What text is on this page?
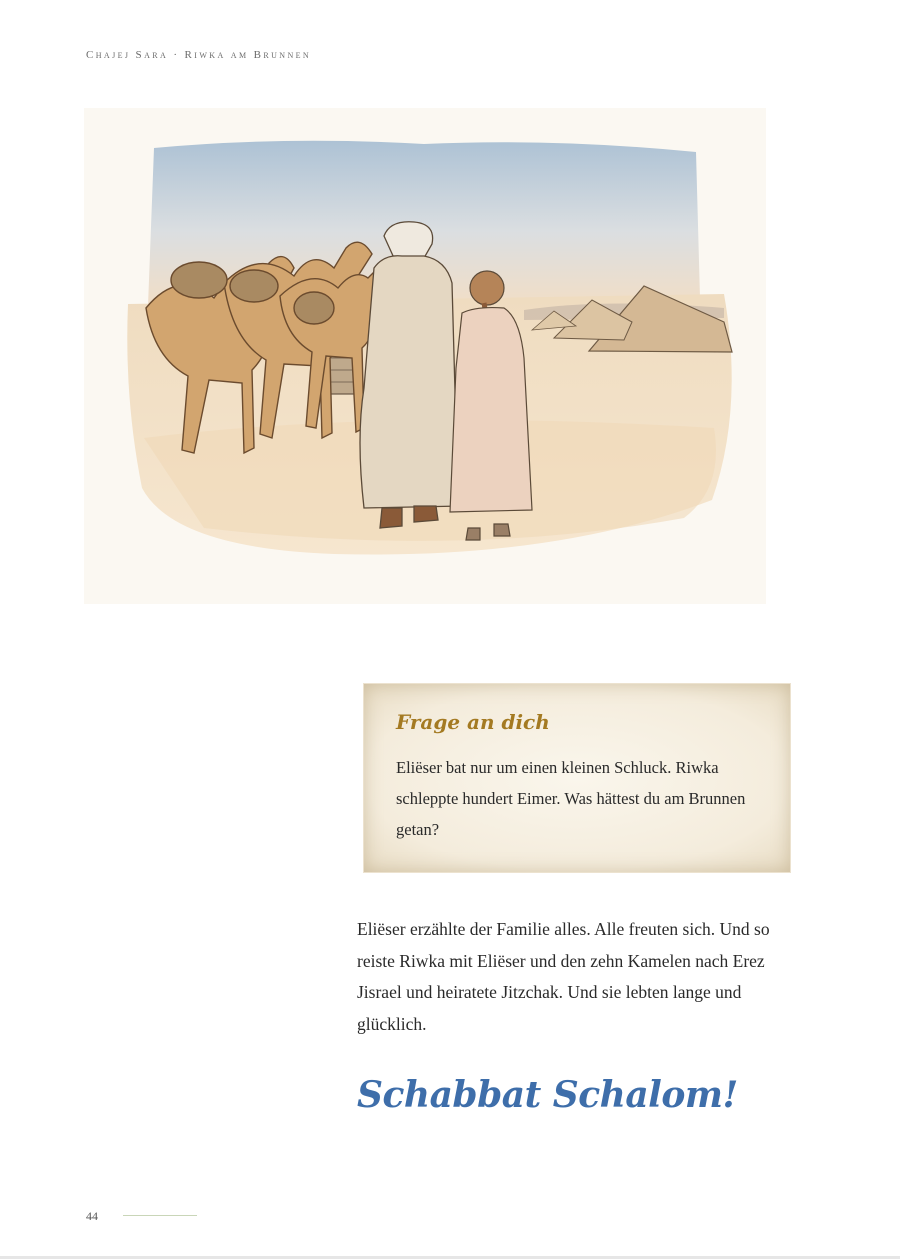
Chajej Sara · Riwka am Brunnen
Frage an dich
Eliëser bat nur um einen kleinen Schluck. Riwka schleppte hundert Eimer. Was hättest du am Brunnen getan?
Eliëser erzählte der Familie alles. Alle freuten sich. Und so reiste Riwka mit Eliëser und den zehn Kamelen nach Erez Jisrael und heiratete Jitzchak. Und sie lebten lange und glücklich.
Schabbat Schalom!
44
